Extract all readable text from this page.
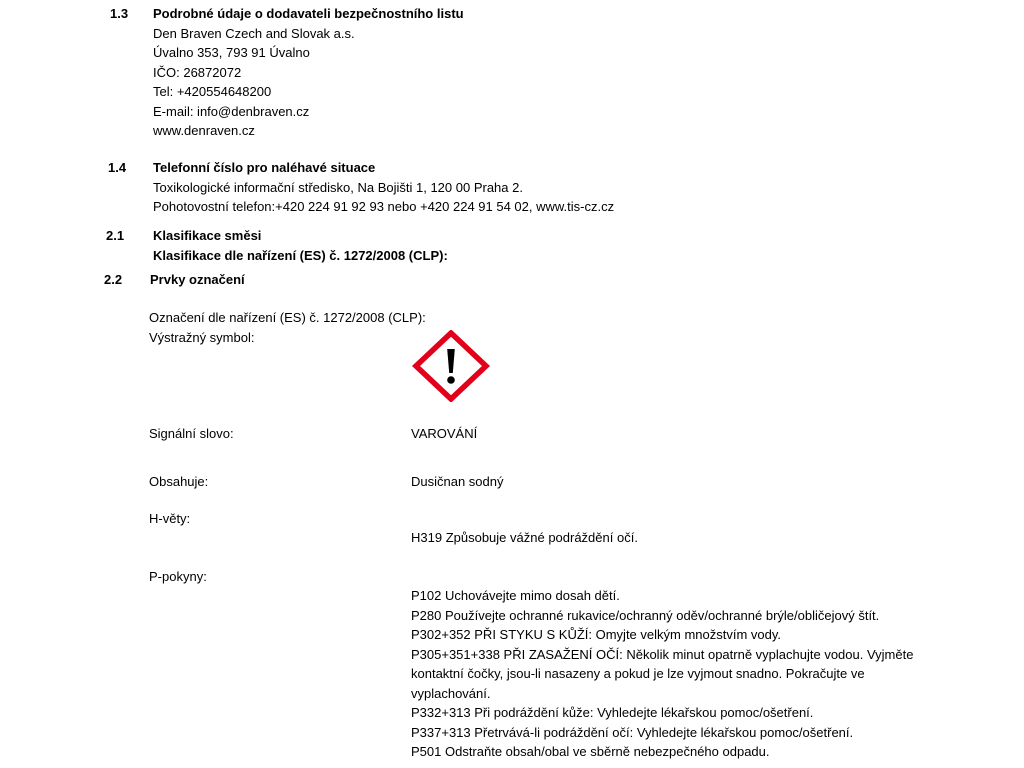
1.3 Podrobné údaje o dodavateli bezpečnostního listu
Den Braven Czech and Slovak a.s.
Úvalno 353, 793 91 Úvalno
IČO: 26872072
Tel: +420554648200
E-mail: info@denbraven.cz
www.denraven.cz
1.4 Telefonní číslo pro naléhavé situace
Toxikologické informační středisko, Na Bojišti 1, 120 00 Praha 2.
Pohotovostní telefon:+420 224 91 92 93 nebo +420 224 91 54 02, www.tis-cz.cz
2.1 Klasifikace směsi
Klasifikace dle nařízení (ES) č. 1272/2008 (CLP):
2.2 Prvky označení
Označení dle nařízení (ES) č. 1272/2008 (CLP):
Výstražný symbol:
Signální slovo:	VAROVÁNÍ
Obsahuje:	Dusičnan sodný
H-věty:
H319 Způsobuje vážné podráždění očí.
P-pokyny:
P102 Uchovávejte mimo dosah dětí.
P280 Používejte ochranné rukavice/ochranný oděv/ochranné brýle/obličejový štít.
P302+352 PŘI STYKU S KŮŽÍ: Omyjte velkým množstvím vody.
P305+351+338 PŘI ZASAŽENÍ OČÍ: Několik minut opatrně vyplachujte vodou. Vyjměte
kontaktní čočky, jsou-li nasazeny a pokud je lze vyjmout snadno. Pokračujte ve
vyplachování.
P332+313 Při podráždění kůže: Vyhledejte lékařskou pomoc/ošetření.
P337+313 Přetrvává-li podráždění očí: Vyhledejte lékařskou pomoc/ošetření.
P501 Odstraňte obsah/obal ve sběrně nebezpečného odpadu.
